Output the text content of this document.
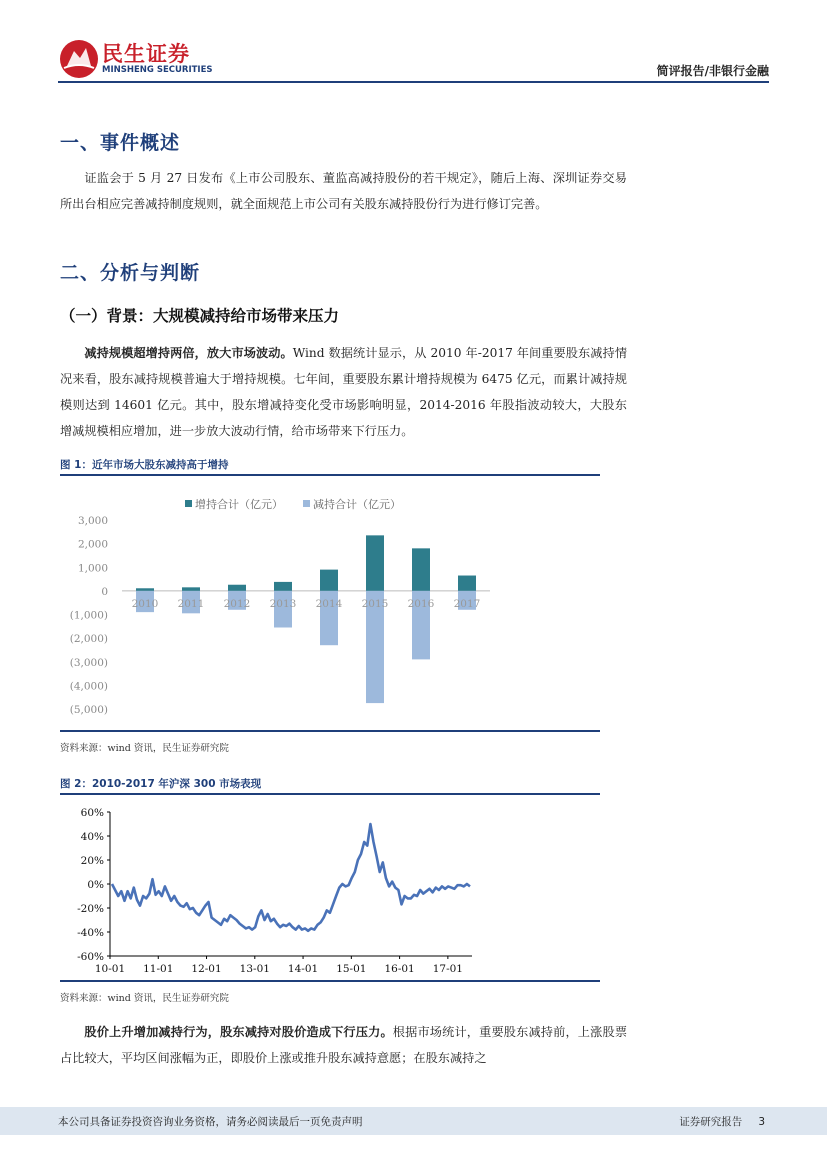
民生证券
MINSHENG SECURITIES	简评报告/非银行金融
一、事件概述
证监会于 5 月 27 日发布《上市公司股东、董监高减持股份的若干规定》，随后上海、深圳证券交易所出台相应完善减持制度规则，就全面规范上市公司有关股东减持股份行为进行修订完善。
二、分析与判断
（一）背景：大规模减持给市场带来压力
减持规模超增持两倍，放大市场波动。Wind 数据统计显示，从 2010 年-2017 年间重要股东减持情况来看，股东减持规模普遍大于增持规模。七年间，重要股东累计增持规模为 6475 亿元，而累计减持规模则达到 14601 亿元。其中，股东增减持变化受市场影响明显，2014-2016 年股指波动较大，大股东增减规模相应增加，进一步放大波动行情，给市场带来下行压力。
图 1：近年市场大股东减持高于增持
增持合计（亿元）	减持合计（亿元）
3,000
2,000
1,000
0
(1,000)
(2,000)
(3,000)
(4,000)
(5,000)
2010 2011 2012 2013 2014 2015 2016 2017
资料来源：wind 资讯，民生证券研究院
图 2：2010-2017 年沪深 300 市场表现
60%
40%
20%
0%
-20%
-40%
-60%
10-01 11-01 12-01 13-01 14-01 15-01 16-01 17-01
资料来源：wind 资讯，民生证券研究院
股价上升增加减持行为，股东减持对股价造成下行压力。根据市场统计，重要股东减持前，上涨股票占比较大，平均区间涨幅为正，即股价上涨或推升股东减持意愿；在股东减持之
本公司具备证券投资咨询业务资格，请务必阅读最后一页免责声明	证券研究报告 3
